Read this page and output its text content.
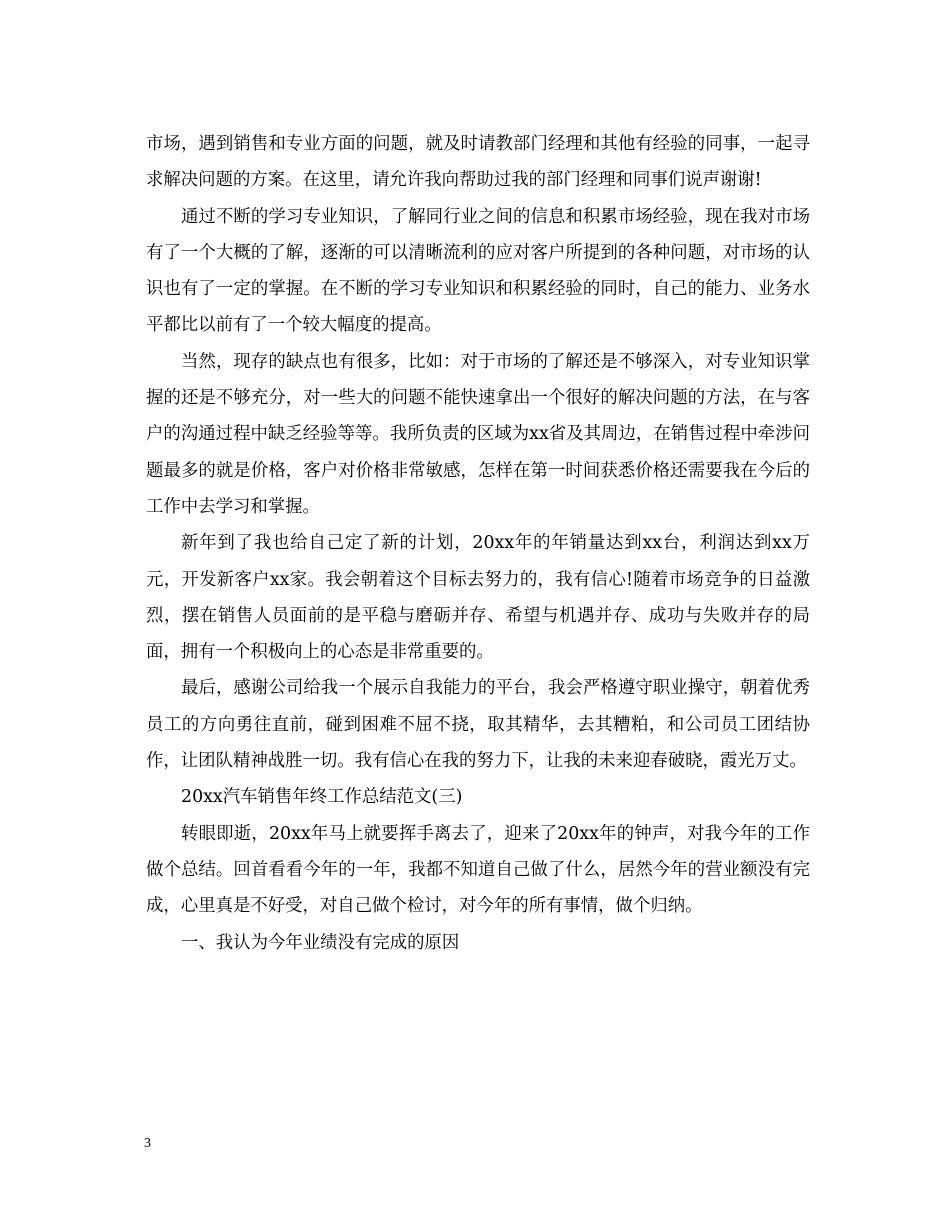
市场，遇到销售和专业方面的问题，就及时请教部门经理和其他有经验的同事，一起寻求解决问题的方案。在这里，请允许我向帮助过我的部门经理和同事们说声谢谢!

通过不断的学习专业知识，了解同行业之间的信息和积累市场经验，现在我对市场有了一个大概的了解，逐渐的可以清晰流利的应对客户所提到的各种问题，对市场的认识也有了一定的掌握。在不断的学习专业知识和积累经验的同时，自己的能力、业务水平都比以前有了一个较大幅度的提高。

当然，现存的缺点也有很多，比如：对于市场的了解还是不够深入，对专业知识掌握的还是不够充分，对一些大的问题不能快速拿出一个很好的解决问题的方法，在与客户的沟通过程中缺乏经验等等。我所负责的区域为xx省及其周边，在销售过程中牵涉问题最多的就是价格，客户对价格非常敏感，怎样在第一时间获悉价格还需要我在今后的工作中去学习和掌握。

新年到了我也给自己定了新的计划，20xx年的年销量达到xx台，利润达到xx万元，开发新客户xx家。我会朝着这个目标去努力的，我有信心!随着市场竞争的日益激烈，摆在销售人员面前的是平稳与磨砺并存、希望与机遇并存、成功与失败并存的局面，拥有一个积极向上的心态是非常重要的。

最后，感谢公司给我一个展示自我能力的平台，我会严格遵守职业操守，朝着优秀员工的方向勇往直前，碰到困难不屈不挠，取其精华，去其糟粕，和公司员工团结协作，让团队精神战胜一切。我有信心在我的努力下，让我的未来迎春破晓，霞光万丈。

20xx汽车销售年终工作总结范文(三)

转眼即逝，20xx年马上就要挥手离去了，迎来了20xx年的钟声，对我今年的工作做个总结。回首看看今年的一年，我都不知道自己做了什么，居然今年的营业额没有完成，心里真是不好受，对自己做个检讨，对今年的所有事情，做个归纳。

一、我认为今年业绩没有完成的原因

3
